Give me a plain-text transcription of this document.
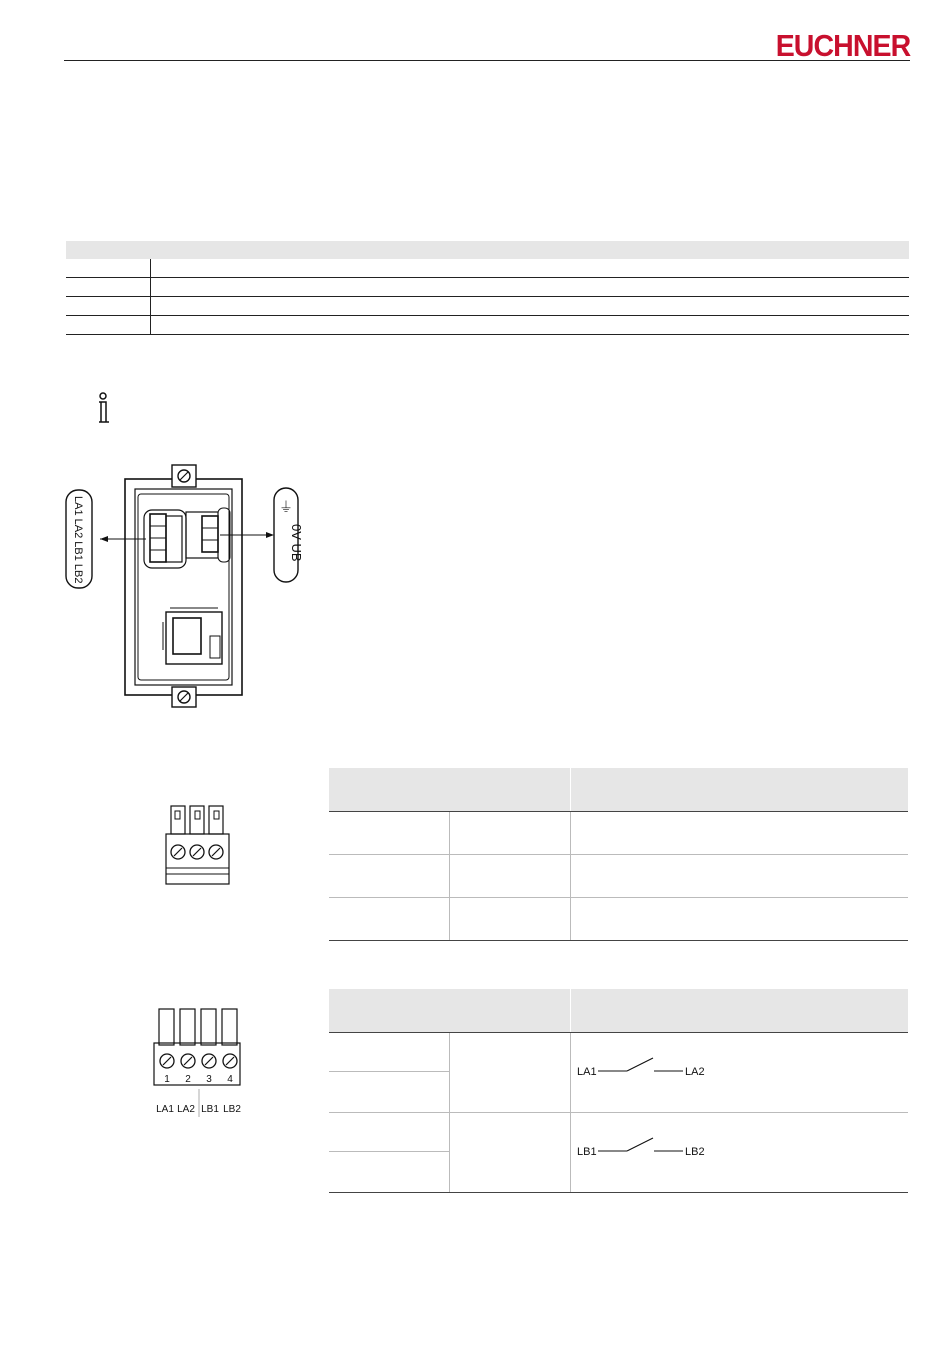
EUCHNER
LA1 LA2 LB1 LB2	⏚
0V UB
1 2 3 4
LA1 LA2 LB1 LB2
LA1	LA2
LB1	LB2
